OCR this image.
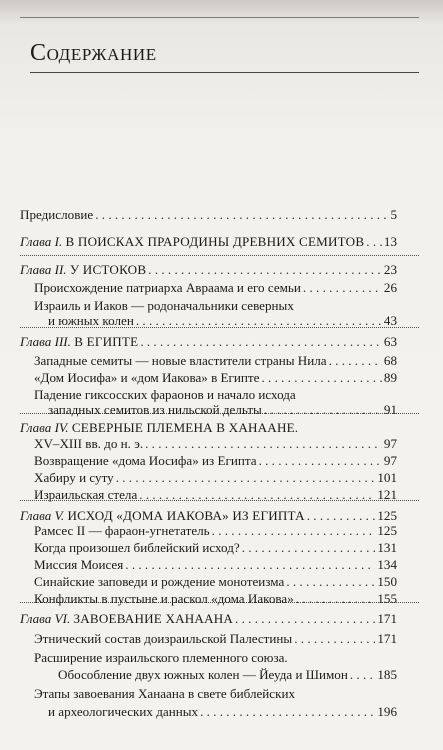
Содержание
Предисловие . . .	5
Глава I. В ПОИСКАХ ПРАРОДИНЫ ДРЕВНИХ СЕМИТОВ . . . 13
Глава II. У ИСТОКОВ . . .	23
Происхождение патриарха Авраама и его семьи . . .	26
Израиль и Иаков — родоначальники северных
и южных колен . . .	43
Глава III. В ЕГИПТЕ . . .	63
Западные семиты — новые властители страны Нила . . .	68
«Дом Иосифа» и «дом Иакова» в Египте . . .	89
Падение гиксосских фараонов и начало исхода
западных семитов из нильской дельты . . .	91
Глава IV. СЕВЕРНЫЕ ПЛЕМЕНА В ХАНААНЕ.
XV–XIII вв. до н. э. . . .	97
Возвращение «дома Иосифа» из Египта . . .	97
Хабиру и суту . . .	101
Израильская стела . . .	121
Глава V. ИСХОД «ДОМА ИАКОВА» ИЗ ЕГИПТА . . .	125
Рамсес II — фараон-угнетатель . . .	125
Когда произошел библейский исход? . . .	131
Миссия Моисея . . .	134
Синайские заповеди и рождение монотеизма . . .	150
Конфликты в пустыне и раскол «дома Иакова» . . .	155
Глава VI. ЗАВОЕВАНИЕ ХАНААНА . . .	171
Этнический состав доизраильской Палестины . . .	171
Расширение израильского племенного союза.
Обособление двух южных колен — Йеуда и Шимон . . . 185
Этапы завоевания Ханаана в свете библейских
и археологических данных . . .	196
